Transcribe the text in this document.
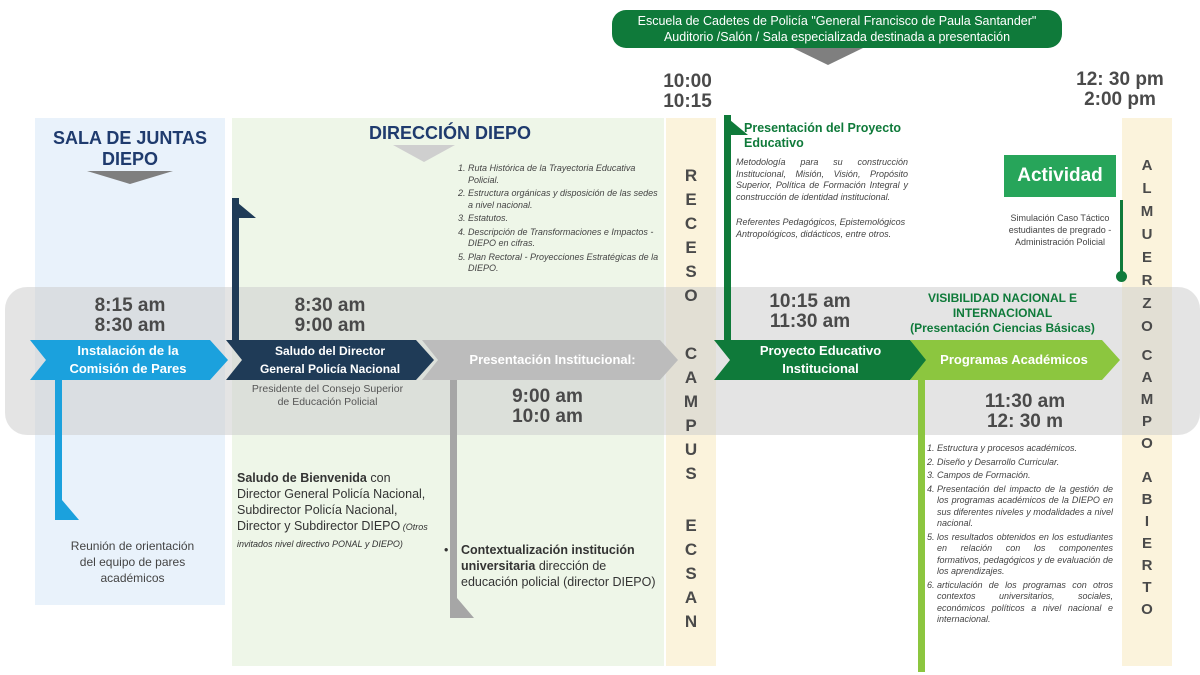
Escuela de Cadetes de Policía "General Francisco de Paula Santander"
Auditorio /Salón / Sala especializada destinada a presentación
SALA DE JUNTAS
DIEPO
DIRECCIÓN DIEPO
1. Ruta Histórica de la Trayectoria Educativa Policial.
2. Estructura orgánicas y disposición de las sedes a nivel nacional.
3. Estatutos.
4. Descripción de Transformaciones e Impactos - DIEPO en cifras.
5. Plan Rectoral - Proyecciones Estratégicas de la DIEPO.
8:15 am
8:30 am
8:30 am
9:00 am
9:00 am
10:0 am
10:00
10:15
10:15 am
11:30 am
11:30 am
12: 30 m
12: 30 pm
2:00 pm
Instalación de la
Comisión de Pares
Saludo del Director
General Policía Nacional
Presentación Institucional:
Proyecto Educativo
Institucional
Programas Académicos
Reunión de orientación
del equipo de pares
académicos
Presidente del Consejo Superior
de Educación Policial
Saludo de Bienvenida con Director General Policía Nacional, Subdirector Policía Nacional, Director y Subdirector DIEPO (Otros invitados nivel directivo PONAL y DIEPO)	•	Contextualización institución universitaria dirección de educación policial (director DIEPO)
R
E
C
E
S
O
C
A
M
P
U
S
E
C
S
A
N
Presentación del Proyecto
Educativo
Metodología para su construcción Institucional, Misión, Visión, Propósito Superior, Política de Formación Integral y construcción de identidad institucional.
Referentes Pedagógicos, Epistemológicos Antropológicos, didácticos, entre otros.
Actividad
Simulación Caso Táctico
estudiantes de pregrado -
Administración Policial
VISIBILIDAD NACIONAL E
INTERNACIONAL
(Presentación Ciencias Básicas)
1. Estructura y procesos académicos.
2. Diseño y Desarrollo Curricular.
3. Campos de Formación.
4. Presentación del impacto de la gestión de los programas académicos de la DIEPO en sus diferentes niveles y modalidades a nivel nacional.
5. los resultados obtenidos en los estudiantes en relación con los componentes formativos, pedagógicos y de evaluación de los aprendizajes.
6. articulación de los programas con otros contextos universitarios, sociales, económicos políticos a nivel nacional e internacional.
A
L
M
U
E
R
Z
O
C
A
M
P
O
A
B
I
E
R
T
O
